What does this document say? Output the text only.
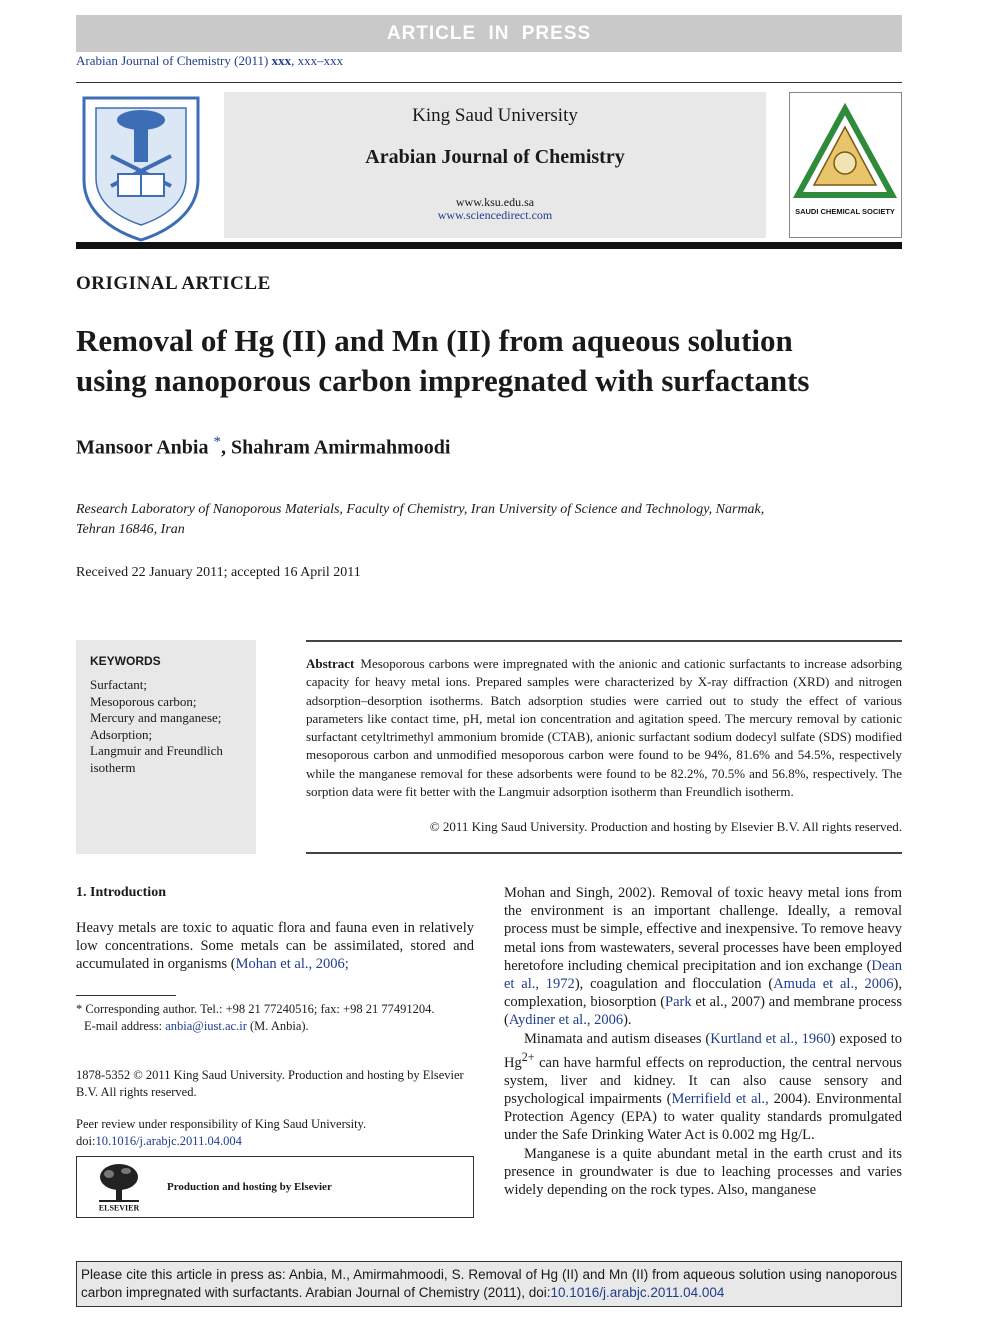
ARTICLE IN PRESS
Arabian Journal of Chemistry (2011) xxx, xxx–xxx
King Saud University
Arabian Journal of Chemistry
www.ksu.edu.sa
www.sciencedirect.com	SAUDI CHEMICAL SOCIETY
ORIGINAL ARTICLE
Removal of Hg (II) and Mn (II) from aqueous solution
using nanoporous carbon impregnated with surfactants
Mansoor Anbia *, Shahram Amirmahmoodi
Research Laboratory of Nanoporous Materials, Faculty of Chemistry, Iran University of Science and Technology, Narmak,
Tehran 16846, Iran
Received 22 January 2011; accepted 16 April 2011
KEYWORDS
Surfactant;
Mesoporous carbon;
Mercury and manganese;
Adsorption;
Langmuir and Freundlich
isotherm
Abstract Mesoporous carbons were impregnated with the anionic and cationic surfactants to increase adsorbing capacity for heavy metal ions. Prepared samples were characterized by X-ray diffraction (XRD) and nitrogen adsorption–desorption isotherms. Batch adsorption studies were carried out to study the effect of various parameters like contact time, pH, metal ion concentration and agitation speed. The mercury removal by cationic surfactant cetyltrimethyl ammonium bromide (CTAB), anionic surfactant sodium dodecyl sulfate (SDS) modified mesoporous carbon and unmodified mesoporous carbon were found to be 94%, 81.6% and 54.5%, respectively while the manganese removal for these adsorbents were found to be 82.2%, 70.5% and 56.8%, respectively. The sorption data were fit better with the Langmuir adsorption isotherm than Freundlich isotherm.
© 2011 King Saud University. Production and hosting by Elsevier B.V. All rights reserved.
1. Introduction
Heavy metals are toxic to aquatic flora and fauna even in relatively low concentrations. Some metals can be assimilated, stored and accumulated in organisms (Mohan et al., 2006;
* Corresponding author. Tel.: +98 21 77240516; fax: +98 21 77491204.
E-mail address: anbia@iust.ac.ir (M. Anbia).
1878-5352 © 2011 King Saud University. Production and hosting by Elsevier B.V. All rights reserved.
Peer review under responsibility of King Saud University.
doi:10.1016/j.arabjc.2011.04.004
ELSEVIER
Production and hosting by Elsevier
Mohan and Singh, 2002). Removal of toxic heavy metal ions from the environment is an important challenge. Ideally, a removal process must be simple, effective and inexpensive. To remove heavy metal ions from wastewaters, several processes have been employed heretofore including chemical precipitation and ion exchange (Dean et al., 1972), coagulation and flocculation (Amuda et al., 2006), complexation, biosorption (Park et al., 2007) and membrane process (Aydiner et al., 2006).
Minamata and autism diseases (Kurtland et al., 1960) exposed to $Hg^{2+}$ can have harmful effects on reproduction, the central nervous system, liver and kidney. It can also cause sensory and psychological impairments (Merrifield et al., 2004). Environmental Protection Agency (EPA) to water quality standards promulgated under the Safe Drinking Water Act is 0.002 mg Hg/L.
Manganese is a quite abundant metal in the earth crust and its presence in groundwater is due to leaching processes and varies widely depending on the rock types. Also, manganese
Please cite this article in press as: Anbia, M., Amirmahmoodi, S. Removal of Hg (II) and Mn (II) from aqueous solution using nanoporous carbon impregnated with surfactants. Arabian Journal of Chemistry (2011), doi:10.1016/j.arabjc.2011.04.004
